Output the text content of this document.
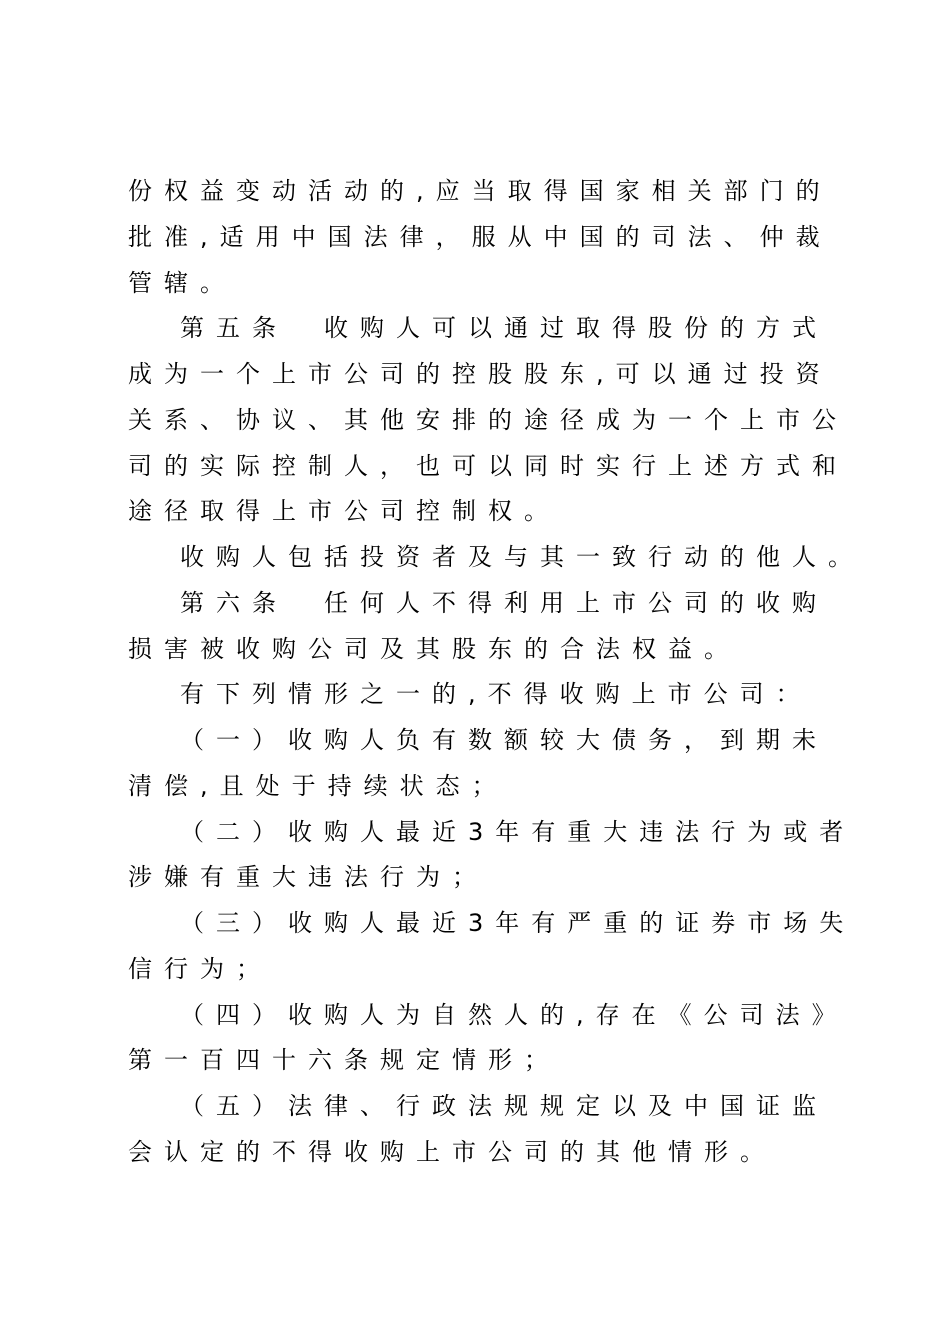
份权益变动活动的,应当取得国家相关部门的
批准,适用中国法律，服从中国的司法、仲裁
管辖。
第五条　收购人可以通过取得股份的方式
成为一个上市公司的控股股东,可以通过投资
关系、协议、其他安排的途径成为一个上市公
司的实际控制人，也可以同时实行上述方式和
途径取得上市公司控制权。
收购人包括投资者及与其一致行动的他人。
第六条　任何人不得利用上市公司的收购
损害被收购公司及其股东的合法权益。
有下列情形之一的,不得收购上市公司：
（一）收购人负有数额较大债务，到期未
清偿,且处于持续状态；
（二）收购人最近3年有重大违法行为或者
涉嫌有重大违法行为；
（三）收购人最近3年有严重的证券市场失
信行为；
（四）收购人为自然人的,存在《公司法》
第一百四十六条规定情形；
（五）法律、行政法规规定以及中国证监
会认定的不得收购上市公司的其他情形。
